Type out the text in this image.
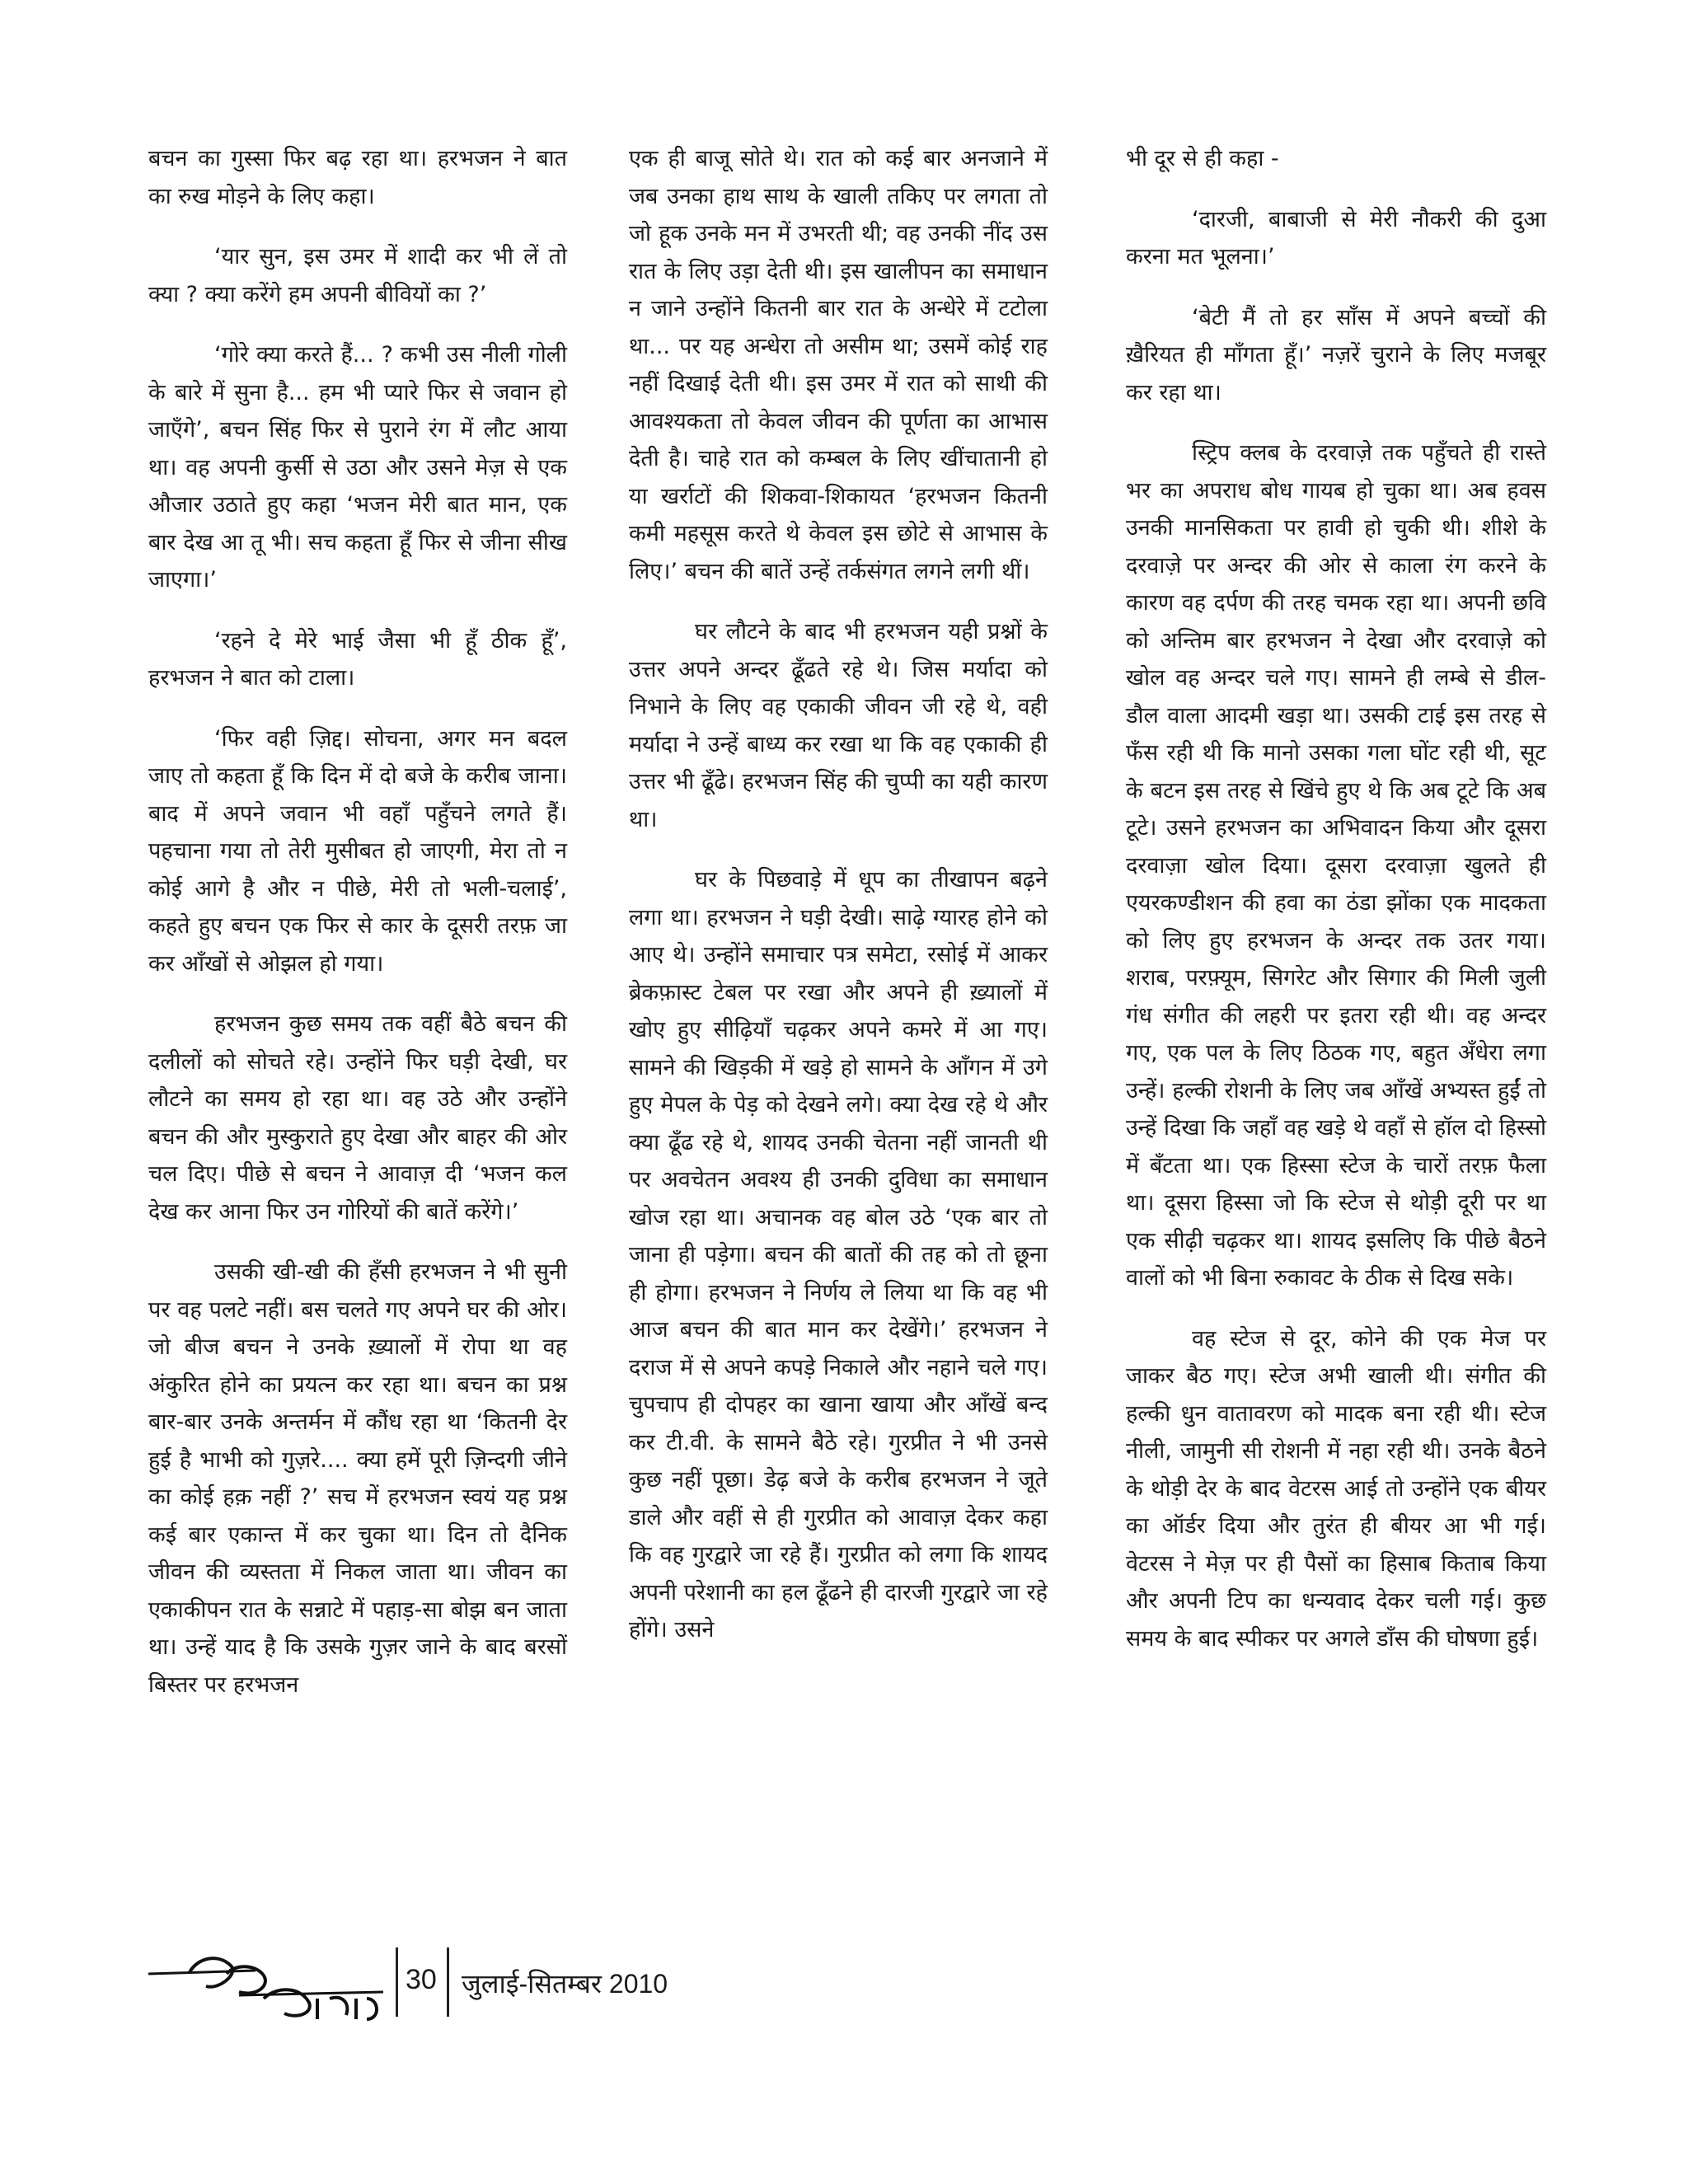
बचन का गुस्सा फिर बढ़ रहा था। हरभजन ने बात का रुख मोड़ने के लिए कहा।

‘यार सुन, इस उमर में शादी कर भी लें तो क्या ? क्या करेंगे हम अपनी बीवियों का ?’

‘गोरे क्या करते हैं... ? कभी उस नीली गोली के बारे में सुना है... हम भी प्यारे फिर से जवान हो जाएँगे’, बचन सिंह फिर से पुराने रंग में लौट आया था। वह अपनी कुर्सी से उठा और उसने मेज़ से एक औजार उठाते हुए कहा ‘भजन मेरी बात मान, एक बार देख आ तू भी। सच कहता हूँ फिर से जीना सीख जाएगा।’

‘रहने दे मेरे भाई जैसा भी हूँ ठीक हूँ’, हरभजन ने बात को टाला।

‘फिर वही ज़िद्द। सोचना, अगर मन बदल जाए तो कहता हूँ कि दिन में दो बजे के करीब जाना। बाद में अपने जवान भी वहाँ पहुँचने लगते हैं। पहचाना गया तो तेरी मुसीबत हो जाएगी, मेरा तो न कोई आगे है और न पीछे, मेरी तो भली-चलाई’, कहते हुए बचन एक फिर से कार के दूसरी तरफ़ जा कर आँखों से ओझल हो गया।

हरभजन कुछ समय तक वहीं बैठे बचन की दलीलों को सोचते रहे। उन्होंने फिर घड़ी देखी, घर लौटने का समय हो रहा था। वह उठे और उन्होंने बचन की और मुस्कुराते हुए देखा और बाहर की ओर चल दिए। पीछे से बचन ने आवाज़ दी ‘भजन कल देख कर आना फिर उन गोरियों की बातें करेंगे।’

उसकी खी-खी की हँसी हरभजन ने भी सुनी पर वह पलटे नहीं। बस चलते गए अपने घर की ओर। जो बीज बचन ने उनके ख़्यालों में रोपा था वह अंकुरित होने का प्रयत्न कर रहा था। बचन का प्रश्न बार-बार उनके अन्तर्मन में कौंध रहा था ‘कितनी देर हुई है भाभी को गुज़रे.... क्या हमें पूरी ज़िन्दगी जीने का कोई हक़ नहीं ?’ सच में हरभजन स्वयं यह प्रश्न कई बार एकान्त में कर चुका था। दिन तो दैनिक जीवन की व्यस्तता में निकल जाता था। जीवन का एकाकीपन रात के सन्नाटे में पहाड़-सा बोझ बन जाता था। उन्हें याद है कि उसके गुज़र जाने के बाद बरसों बिस्तर पर हरभजन

एक ही बाजू सोते थे। रात को कई बार अनजाने में जब उनका हाथ साथ के खाली तकिए पर लगता तो जो हूक उनके मन में उभरती थी; वह उनकी नींद उस रात के लिए उड़ा देती थी। इस खालीपन का समाधान न जाने उन्होंने कितनी बार रात के अन्धेरे में टटोला था... पर यह अन्धेरा तो असीम था; उसमें कोई राह नहीं दिखाई देती थी। इस उमर में रात को साथी की आवश्यकता तो केवल जीवन की पूर्णता का आभास देती है। चाहे रात को कम्बल के लिए खींचातानी हो या खर्राटों की शिकवा-शिकायत ‘हरभजन कितनी कमी महसूस करते थे केवल इस छोटे से आभास के लिए।’ बचन की बातें उन्हें तर्कसंगत लगने लगी थीं।

घर लौटने के बाद भी हरभजन यही प्रश्नों के उत्तर अपने अन्दर ढूँढते रहे थे। जिस मर्यादा को निभाने के लिए वह एकाकी जीवन जी रहे थे, वही मर्यादा ने उन्हें बाध्य कर रखा था कि वह एकाकी ही उत्तर भी ढूँढे। हरभजन सिंह की चुप्पी का यही कारण था।

घर के पिछवाड़े में धूप का तीखापन बढ़ने लगा था। हरभजन ने घड़ी देखी। साढ़े ग्यारह होने को आए थे। उन्होंने समाचार पत्र समेटा, रसोई में आकर ब्रेकफ़ास्ट टेबल पर रखा और अपने ही ख़्यालों में खोए हुए सीढ़ियाँ चढ़कर अपने कमरे में आ गए। सामने की खिड़की में खड़े हो सामने के आँगन में उगे हुए मेपल के पेड़ को देखने लगे। क्या देख रहे थे और क्या ढूँढ रहे थे, शायद उनकी चेतना नहीं जानती थी पर अवचेतन अवश्य ही उनकी दुविधा का समाधान खोज रहा था। अचानक वह बोल उठे ‘एक बार तो जाना ही पड़ेगा। बचन की बातों की तह को तो छूना ही होगा। हरभजन ने निर्णय ले लिया था कि वह भी आज बचन की बात मान कर देखेंगे।’ हरभजन ने दराज में से अपने कपड़े निकाले और नहाने चले गए। चुपचाप ही दोपहर का खाना खाया और आँखें बन्द कर टी.वी. के सामने बैठे रहे। गुरप्रीत ने भी उनसे कुछ नहीं पूछा। डेढ़ बजे के करीब हरभजन ने जूते डाले और वहीं से ही गुरप्रीत को आवाज़ देकर कहा कि वह गुरद्वारे जा रहे हैं। गुरप्रीत को लगा कि शायद अपनी परेशानी का हल ढूँढने ही दारजी गुरद्वारे जा रहे होंगे। उसने

भी दूर से ही कहा -

‘दारजी, बाबाजी से मेरी नौकरी की दुआ करना मत भूलना।’

‘बेटी मैं तो हर साँस में अपने बच्चों की ख़ैरियत ही माँगता हूँ।’ नज़रें चुराने के लिए मजबूर कर रहा था।

स्ट्रिप क्लब के दरवाज़े तक पहुँचते ही रास्ते भर का अपराध बोध गायब हो चुका था। अब हवस उनकी मानसिकता पर हावी हो चुकी थी। शीशे के दरवाज़े पर अन्दर की ओर से काला रंग करने के कारण वह दर्पण की तरह चमक रहा था। अपनी छवि को अन्तिम बार हरभजन ने देखा और दरवाज़े को खोल वह अन्दर चले गए। सामने ही लम्बे से डील-डौल वाला आदमी खड़ा था। उसकी टाई इस तरह से फँस रही थी कि मानो उसका गला घोंट रही थी, सूट के बटन इस तरह से खिंचे हुए थे कि अब टूटे कि अब टूटे। उसने हरभजन का अभिवादन किया और दूसरा दरवाज़ा खोल दिया। दूसरा दरवाज़ा खुलते ही एयरकण्डीशन की हवा का ठंडा झोंका एक मादकता को लिए हुए हरभजन के अन्दर तक उतर गया। शराब, परफ़्यूम, सिगरेट और सिगार की मिली जुली गंध संगीत की लहरी पर इतरा रही थी। वह अन्दर गए, एक पल के लिए ठिठक गए, बहुत अँधेरा लगा उन्हें। हल्की रोशनी के लिए जब आँखें अभ्यस्त हुईं तो उन्हें दिखा कि जहाँ वह खड़े थे वहाँ से हॉल दो हिस्सो में बँटता था। एक हिस्सा स्टेज के चारों तरफ़ फैला था। दूसरा हिस्सा जो कि स्टेज से थोड़ी दूरी पर था एक सीढ़ी चढ़कर था। शायद इसलिए कि पीछे बैठने वालों को भी बिना रुकावट के ठीक से दिख सके।

वह स्टेज से दूर, कोने की एक मेज पर जाकर बैठ गए। स्टेज अभी खाली थी। संगीत की हल्की धुन वातावरण को मादक बना रही थी। स्टेज नीली, जामुनी सी रोशनी में नहा रही थी। उनके बैठने के थोड़ी देर के बाद वेटरस आई तो उन्होंने एक बीयर का ऑर्डर दिया और तुरंत ही बीयर आ भी गई। वेटरस ने मेज़ पर ही पैसों का हिसाब किताब किया और अपनी टिप का धन्यवाद देकर चली गई। कुछ समय के बाद स्पीकर पर अगले डाँस की घोषणा हुई।

30 जुलाई-सितम्बर 2010
